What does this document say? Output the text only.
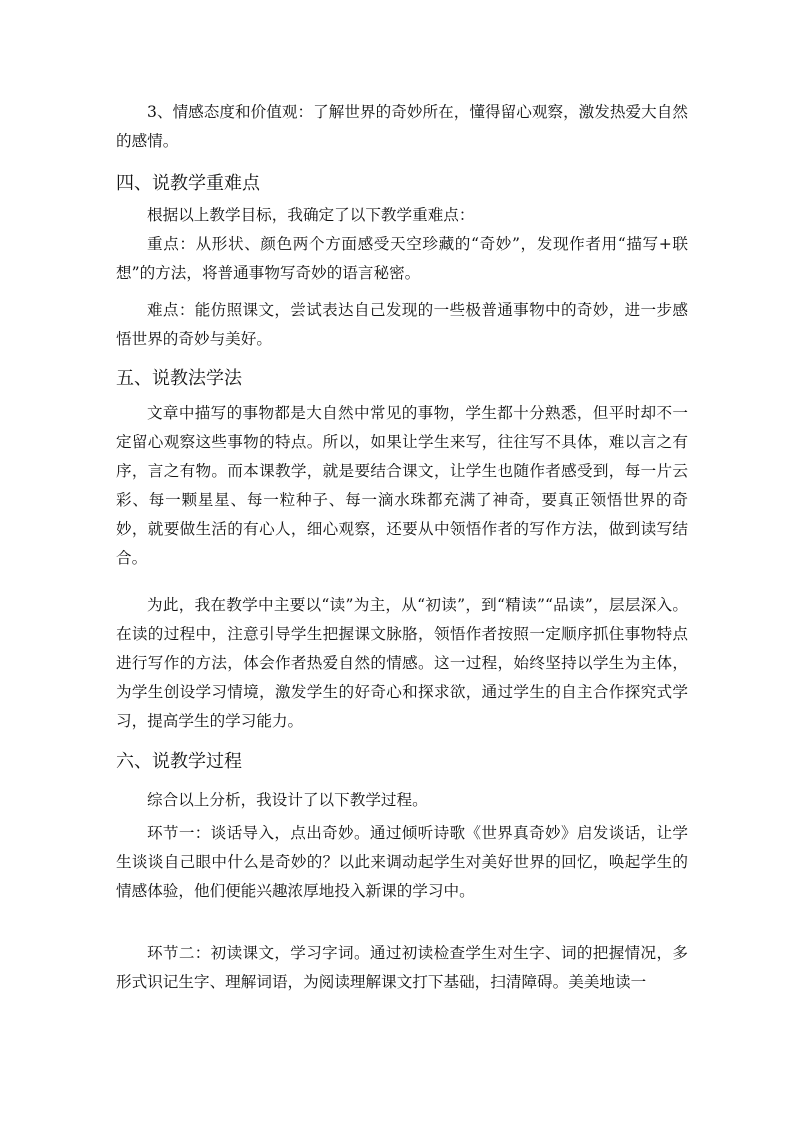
3、情感态度和价值观：了解世界的奇妙所在，懂得留心观察，激发热爱大自然的感情。

四、说教学重难点

根据以上教学目标，我确定了以下教学重难点：

重点：从形状、颜色两个方面感受天空珍藏的“奇妙”，发现作者用“描写+联想”的方法，将普通事物写奇妙的语言秘密。

难点：能仿照课文，尝试表达自己发现的一些极普通事物中的奇妙，进一步感悟世界的奇妙与美好。

五、说教法学法

文章中描写的事物都是大自然中常见的事物，学生都十分熟悉，但平时却不一定留心观察这些事物的特点。所以，如果让学生来写，往往写不具体，难以言之有序，言之有物。而本课教学，就是要结合课文，让学生也随作者感受到，每一片云彩、每一颗星星、每一粒种子、每一滴水珠都充满了神奇，要真正领悟世界的奇妙，就要做生活的有心人，细心观察，还要从中领悟作者的写作方法，做到读写结合。

为此，我在教学中主要以“读”为主，从“初读”，到“精读”“品读”，层层深入。在读的过程中，注意引导学生把握课文脉胳，领悟作者按照一定顺序抓住事物特点进行写作的方法，体会作者热爱自然的情感。这一过程，始终坚持以学生为主体，为学生创设学习情境，激发学生的好奇心和探求欲，通过学生的自主合作探究式学习，提高学生的学习能力。

六、说教学过程

综合以上分析，我设计了以下教学过程。

环节一：谈话导入，点出奇妙。通过倾听诗歌《世界真奇妙》启发谈话，让学生谈谈自己眼中什么是奇妙的？以此来调动起学生对美好世界的回忆，唤起学生的情感体验，他们便能兴趣浓厚地投入新课的学习中。

环节二：初读课文，学习字词。通过初读检查学生对生字、词的把握情况，多形式识记生字、理解词语，为阅读理解课文打下基础，扫清障碍。美美地读一
